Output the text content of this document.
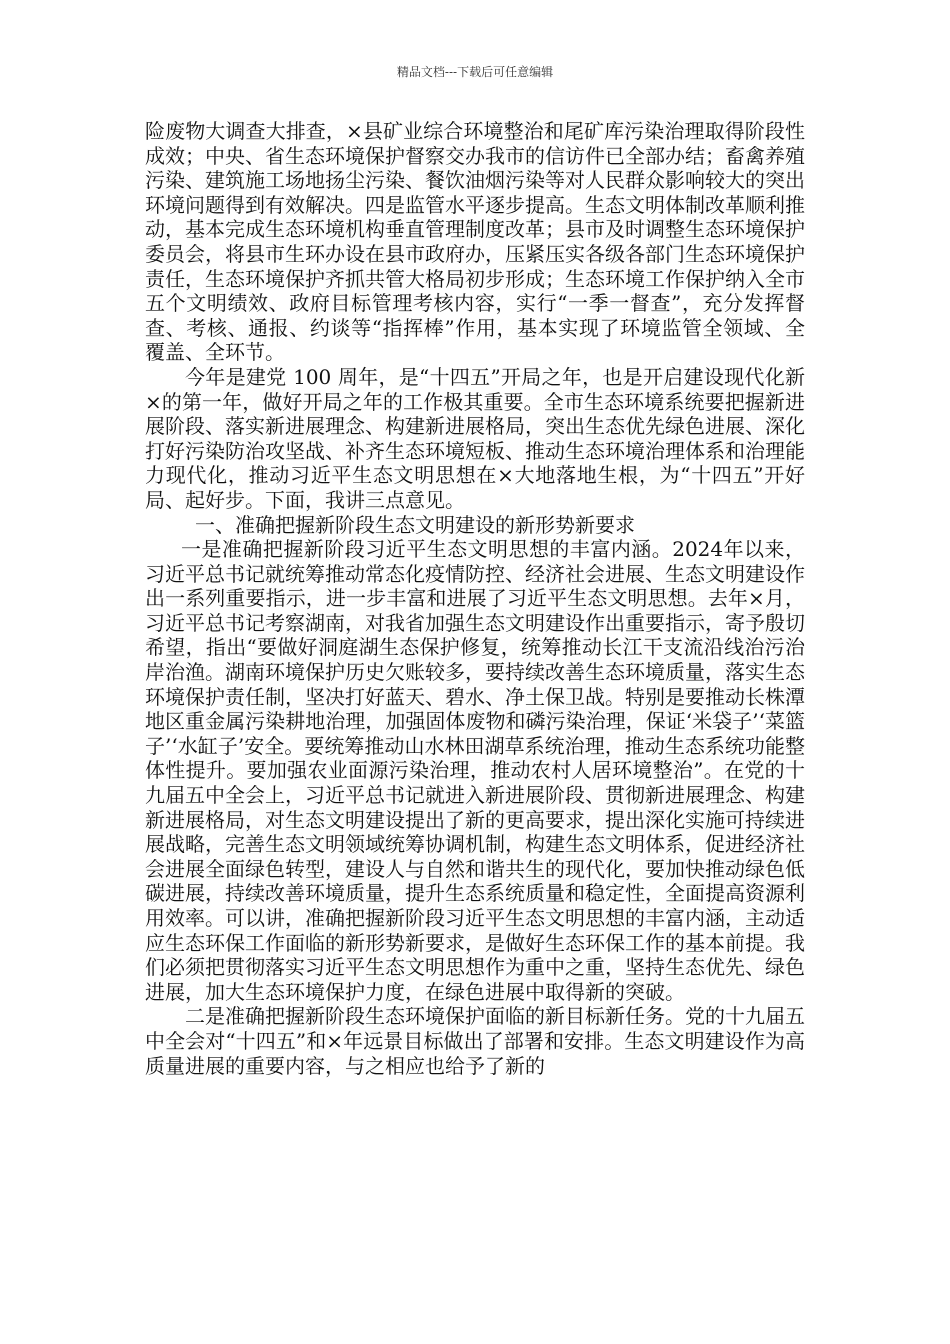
精品文档---下载后可任意编辑

险废物大调查大排查，×县矿业综合环境整治和尾矿库污染治理取得阶段性成效；中央、省生态环境保护督察交办我市的信访件已全部办结；畜禽养殖污染、建筑施工场地扬尘污染、餐饮油烟污染等对人民群众影响较大的突出环境问题得到有效解决。四是监管水平逐步提高。生态文明体制改革顺利推动，基本完成生态环境机构垂直管理制度改革；县市及时调整生态环境保护委员会，将县市生环办设在县市政府办，压紧压实各级各部门生态环境保护责任，生态环境保护齐抓共管大格局初步形成；生态环境工作保护纳入全市五个文明绩效、政府目标管理考核内容，实行“一季一督查”，充分发挥督查、考核、通报、约谈等“指挥棒”作用，基本实现了环境监管全领域、全覆盖、全环节。

今年是建党 100 周年，是“十四五”开局之年，也是开启建设现代化新×的第一年，做好开局之年的工作极其重要。全市生态环境系统要把握新进展阶段、落实新进展理念、构建新进展格局，突出生态优先绿色进展、深化打好污染防治攻坚战、补齐生态环境短板、推动生态环境治理体系和治理能力现代化，推动习近平生态文明思想在×大地落地生根，为“十四五”开好局、起好步。下面，我讲三点意见。

一、准确把握新阶段生态文明建设的新形势新要求

一是准确把握新阶段习近平生态文明思想的丰富内涵。2024年以来，习近平总书记就统筹推动常态化疫情防控、经济社会进展、生态文明建设作出一系列重要指示，进一步丰富和进展了习近平生态文明思想。去年×月，习近平总书记考察湖南，对我省加强生态文明建设作出重要指示，寄予殷切希望，指出“要做好洞庭湖生态保护修复，统筹推动长江干支流沿线治污治岸治渔。湖南环境保护历史欠账较多，要持续改善生态环境质量，落实生态环境保护责任制，坚决打好蓝天、碧水、净土保卫战。特别是要推动长株潭地区重金属污染耕地治理，加强固体废物和磷污染治理，保证‘米袋子’‘菜篮子’‘水缸子’安全。要统筹推动山水林田湖草系统治理，推动生态系统功能整体性提升。要加强农业面源污染治理，推动农村人居环境整治”。在党的十九届五中全会上，习近平总书记就进入新进展阶段、贯彻新进展理念、构建新进展格局，对生态文明建设提出了新的更高要求，提出深化实施可持续进展战略，完善生态文明领域统筹协调机制，构建生态文明体系，促进经济社会进展全面绿色转型，建设人与自然和谐共生的现代化，要加快推动绿色低碳进展，持续改善环境质量，提升生态系统质量和稳定性，全面提高资源利用效率。可以讲，准确把握新阶段习近平生态文明思想的丰富内涵，主动适应生态环保工作面临的新形势新要求，是做好生态环保工作的基本前提。我们必须把贯彻落实习近平生态文明思想作为重中之重，坚持生态优先、绿色进展，加大生态环境保护力度，在绿色进展中取得新的突破。

二是准确把握新阶段生态环境保护面临的新目标新任务。党的十九届五中全会对“十四五”和×年远景目标做出了部署和安排。生态文明建设作为高质量进展的重要内容，与之相应也给予了新的
